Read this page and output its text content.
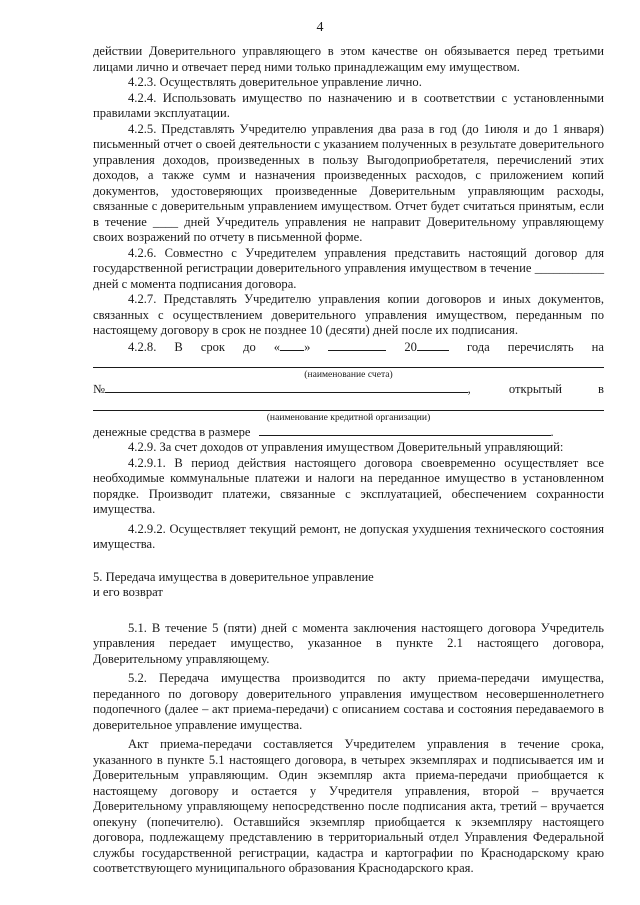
4

действии Доверительного управляющего в этом качестве он обязывается перед третьими лицами лично и отвечает перед ними только принадлежащим ему имуществом.

4.2.3. Осуществлять доверительное управление лично.

4.2.4. Использовать имущество по назначению и в соответствии с установленными правилами эксплуатации.

4.2.5. Представлять Учредителю управления два раза в год (до 1июля и до 1 января) письменный отчет о своей деятельности с указанием полученных в результате доверительного управления доходов, произведенных в пользу Выгодоприобретателя, перечислений этих доходов, а также сумм и назначения произведенных расходов, с приложением копий документов, удостоверяющих произведенные Доверительным управляющим расходы, связанные с доверительным управлением имуществом. Отчет будет считаться принятым, если в течение ____ дней Учредитель управления не направит Доверительному управляющему своих возражений по отчету в письменной форме.

4.2.6. Совместно с Учредителем управления представить настоящий договор для государственной регистрации доверительного управления имуществом в течение ___________ дней с момента подписания договора.

4.2.7. Представлять Учредителю управления копии договоров и иных документов, связанных с осуществлением доверительного управления имуществом, переданным по настоящему договору в срок не позднее 10 (десяти) дней после их подписания.

4.2.8. В срок до « »	20	года перечислять на
(наименование счета)
№	,	открытый	в
(наименование кредитной организации)
денежные средства в размере	.

4.2.9. За счет доходов от управления имуществом Доверительный управляющий:

4.2.9.1. В период действия настоящего договора своевременно осуществляет все необходимые коммунальные платежи и налоги на переданное имущество в установленном порядке. Производит платежи, связанные с эксплуатацией, обеспечением сохранности имущества.

4.2.9.2. Осуществляет текущий ремонт, не допуская ухудшения технического состояния имущества.

5. Передача имущества в доверительное управление

и его возврат

5.1. В течение 5 (пяти) дней с момента заключения настоящего договора Учредитель управления передает имущество, указанное в пункте 2.1 настоящего договора, Доверительному управляющему.

5.2. Передача имущества производится по акту приема-передачи имущества, переданного по договору доверительного управления имуществом несовершеннолетнего подопечного (далее – акт приема-передачи) с описанием состава и состояния передаваемого в доверительное управление имущества.

Акт приема-передачи составляется Учредителем управления в течение срока, указанного в пункте 5.1 настоящего договора, в четырех экземплярах и подписывается им и Доверительным управляющим. Один экземпляр акта приема-передачи приобщается к настоящему договору и остается у Учредителя управления, второй – вручается Доверительному управляющему непосредственно после подписания акта, третий – вручается опекуну (попечителю). Оставшийся экземпляр приобщается к экземпляру настоящего договора, подлежащему представлению в территориальный отдел Управления Федеральной службы государственной регистрации, кадастра и картографии по Краснодарскому краю соответствующего муниципального образования Краснодарского края.
